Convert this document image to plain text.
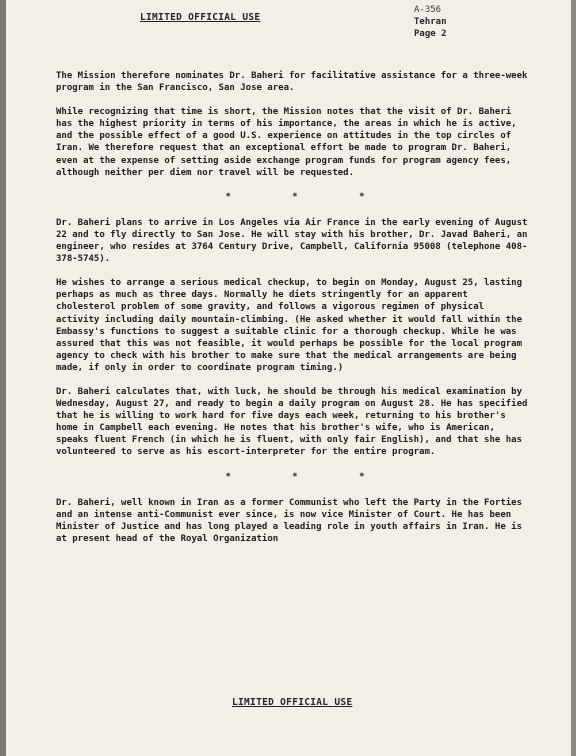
LIMITED OFFICIAL USE
A-356
Tehran
Page 2

The Mission therefore nominates Dr. Baheri for facilitative assistance for a three-week program in the San Francisco, San Jose area.

While recognizing that time is short, the Mission notes that the visit of Dr. Baheri has the highest priority in terms of his importance, the areas in which he is active, and the possible effect of a good U.S. experience on attitudes in the top circles of Iran. We therefore request that an exceptional effort be made to program Dr. Baheri, even at the expense of setting aside exchange program funds for program agency fees, although neither per diem nor travel will be requested.

* * *

Dr. Baheri plans to arrive in Los Angeles via Air France in the early evening of August 22 and to fly directly to San Jose. He will stay with his brother, Dr. Javad Baheri, an engineer, who resides at 3764 Century Drive, Campbell, California 95008 (telephone 408-378-5745).

He wishes to arrange a serious medical checkup, to begin on Monday, August 25, lasting perhaps as much as three days. Normally he diets stringently for an apparent cholesterol problem of some gravity, and follows a vigorous regimen of physical activity including daily mountain-climbing. (He asked whether it would fall within the Embassy's functions to suggest a suitable clinic for a thorough checkup. While he was assured that this was not feasible, it would perhaps be possible for the local program agency to check with his brother to make sure that the medical arrangements are being made, if only in order to coordinate program timing.)

Dr. Baheri calculates that, with luck, he should be through his medical examination by Wednesday, August 27, and ready to begin a daily program on August 28. He has specified that he is willing to work hard for five days each week, returning to his brother's home in Campbell each evening. He notes that his brother's wife, who is American, speaks fluent French (in which he is fluent, with only fair English), and that she has volunteered to serve as his escort-interpreter for the entire program.

* * *

Dr. Baheri, well known in Iran as a former Communist who left the Party in the Forties and an intense anti-Communist ever since, is now vice Minister of Court. He has been Minister of Justice and has long played a leading role in youth affairs in Iran. He is at present head of the Royal Organization

LIMITED OFFICIAL USE
